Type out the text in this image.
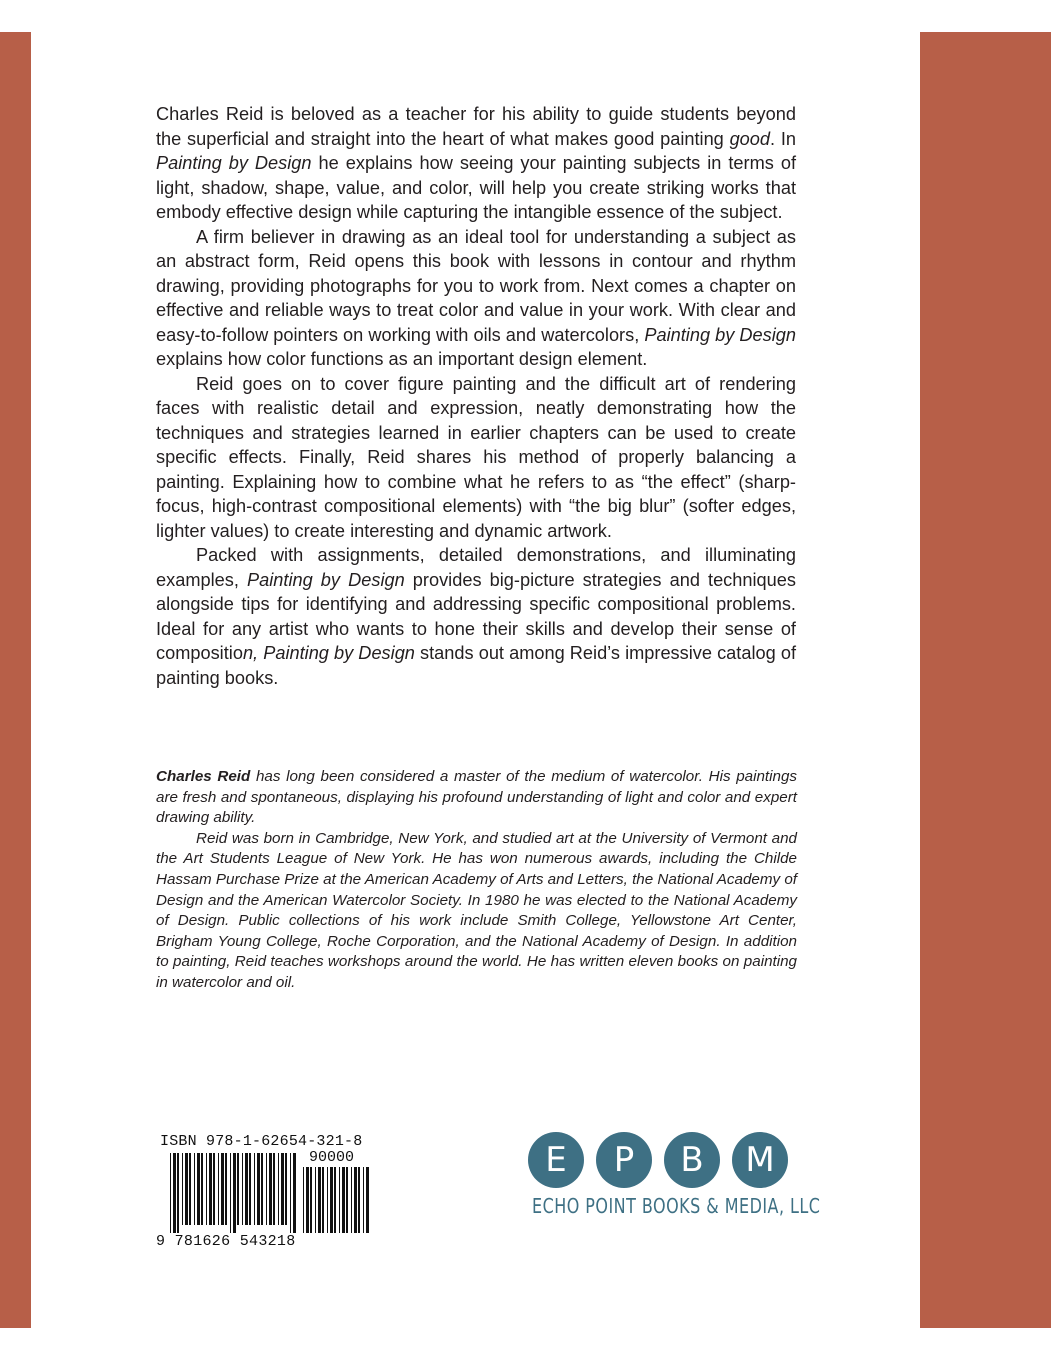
Charles Reid is beloved as a teacher for his ability to guide students beyond the superficial and straight into the heart of what makes good painting good. In Painting by Design he explains how seeing your painting subjects in terms of light, shadow, shape, value, and color, will help you create striking works that embody effective design while capturing the intangible essence of the subject.

A firm believer in drawing as an ideal tool for understanding a subject as an abstract form, Reid opens this book with lessons in contour and rhythm drawing, providing photographs for you to work from. Next comes a chapter on effective and reliable ways to treat color and value in your work. With clear and easy-to-follow pointers on working with oils and watercolors, Painting by Design explains how color functions as an important design element.

Reid goes on to cover figure painting and the difficult art of rendering faces with realistic detail and expression, neatly demonstrating how the techniques and strategies learned in earlier chapters can be used to create specific effects. Finally, Reid shares his method of properly balancing a painting. Explaining how to combine what he refers to as “the effect” (sharp-focus, high-contrast compositional elements) with “the big blur” (softer edges, lighter values) to create interesting and dynamic artwork.

Packed with assignments, detailed demonstrations, and illuminating examples, Painting by Design provides big-picture strategies and techniques alongside tips for identifying and addressing specific compositional problems. Ideal for any artist who wants to hone their skills and develop their sense of composition, Painting by Design stands out among Reid’s impressive catalog of painting books.

Charles Reid has long been considered a master of the medium of watercolor. His paintings are fresh and spontaneous, displaying his profound understanding of light and color and expert drawing ability.

Reid was born in Cambridge, New York, and studied art at the University of Vermont and the Art Students League of New York. He has won numerous awards, including the Childe Hassam Purchase Prize at the American Academy of Arts and Letters, the National Academy of Design and the American Watercolor Society. In 1980 he was elected to the National Academy of Design. Public collections of his work include Smith College, Yellowstone Art Center, Brigham Young College, Roche Corporation, and the National Academy of Design. In addition to painting, Reid teaches workshops around the world. He has written eleven books on painting in watercolor and oil.

ISBN 978-1-62654-321-8
90000
9 781626 543218
E	P	B	M
ECHO POINT BOOKS & MEDIA, LLC
